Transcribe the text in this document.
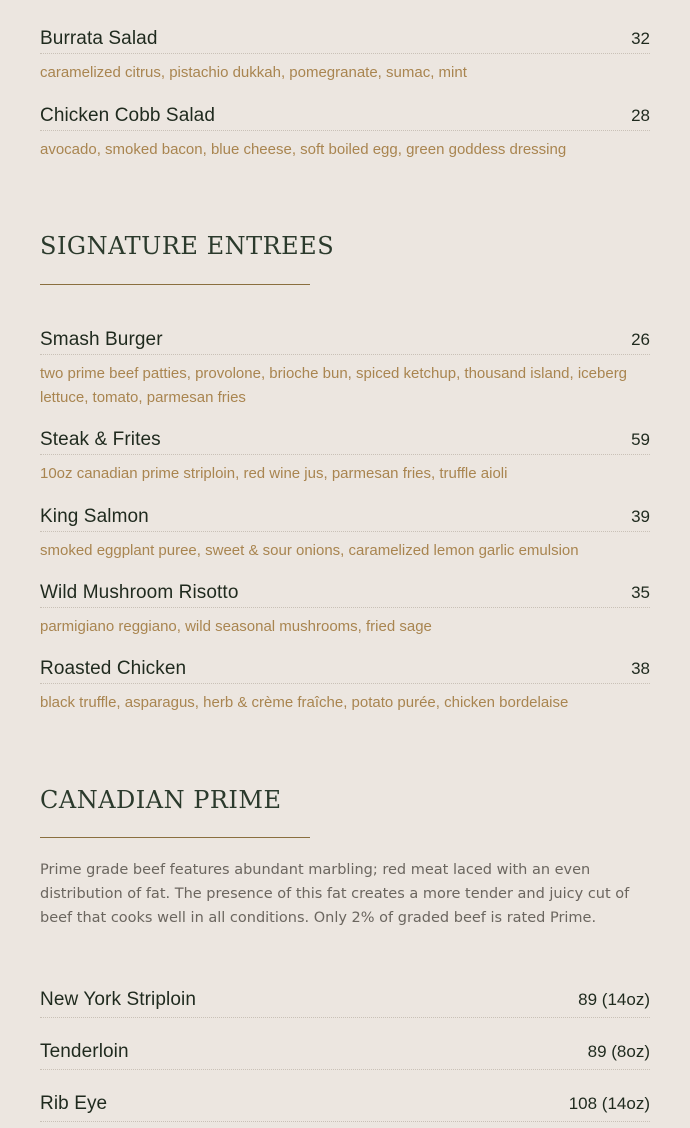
Burrata Salad	32
caramelized citrus, pistachio dukkah, pomegranate, sumac, mint
Chicken Cobb Salad	28
avocado, smoked bacon, blue cheese, soft boiled egg, green goddess dressing
SIGNATURE ENTREES
Smash Burger	26
two prime beef patties, provolone, brioche bun, spiced ketchup, thousand island, iceberg lettuce, tomato, parmesan fries
Steak & Frites	59
10oz canadian prime striploin, red wine jus, parmesan fries, truffle aioli
King Salmon	39
smoked eggplant puree, sweet & sour onions, caramelized lemon garlic emulsion
Wild Mushroom Risotto	35
parmigiano reggiano, wild seasonal mushrooms, fried sage
Roasted Chicken	38
black truffle, asparagus, herb & crème fraîche, potato purée, chicken bordelaise
CANADIAN PRIME

Prime grade beef features abundant marbling; red meat laced with an even distribution of fat. The presence of this fat creates a more tender and juicy cut of beef that cooks well in all conditions. Only 2% of graded beef is rated Prime.

New York Striploin	89 (14oz)
Tenderloin	89 (8oz)
Rib Eye	108 (14oz)
